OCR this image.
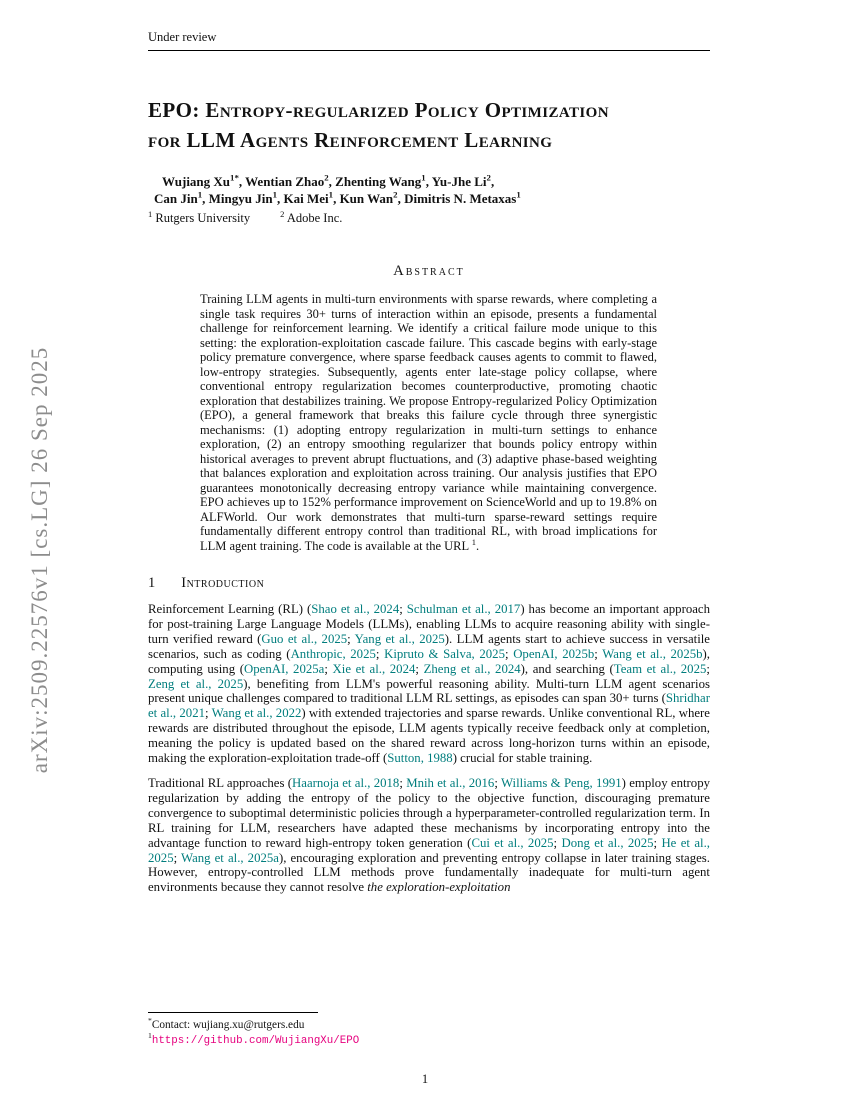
arXiv:2509.22576v1 [cs.LG] 26 Sep 2025
Under review
EPO: Entropy-regularized Policy Optimization
for LLM Agents Reinforcement Learning
Wujiang $Xu^{1*}$, Wentian Zhao$^2$, Zhenting Wang$^1$, Yu-Jhe Li$^2$,
Can Jin$^1$, Mingyu Jin$^1$, Kai Mei$^1$, Kun Wan$^2$, Dimitris N. Metaxas$^1$
$^1$ Rutgers University	$^2$ Adobe Inc.
Abstract

Training LLM agents in multi-turn environments with sparse rewards, where completing a single task requires 30+ turns of interaction within an episode, presents a fundamental challenge for reinforcement learning. We identify a critical failure mode unique to this setting: the exploration-exploitation cascade failure. This cascade begins with early-stage policy premature convergence, where sparse feedback causes agents to commit to flawed, low-entropy strategies. Subsequently, agents enter late-stage policy collapse, where conventional entropy regularization becomes counterproductive, promoting chaotic exploration that destabilizes training. We propose Entropy-regularized Policy Optimization (EPO), a general framework that breaks this failure cycle through three synergistic mechanisms: (1) adopting entropy regularization in multi-turn settings to enhance exploration, (2) an entropy smoothing regularizer that bounds policy entropy within historical averages to prevent abrupt fluctuations, and (3) adaptive phase-based weighting that balances exploration and exploitation across training. Our analysis justifies that EPO guarantees monotonically decreasing entropy variance while maintaining convergence. EPO achieves up to 152% performance improvement on ScienceWorld and up to 19.8% on ALFWorld. Our work demonstrates that multi-turn sparse-reward settings require fundamentally different entropy control than traditional RL, with broad implications for LLM agent training. The code is available at the URL $^1$.

1 Introduction

Reinforcement Learning (RL) (Shao et al., 2024; Schulman et al., 2017) has become an important approach for post-training Large Language Models (LLMs), enabling LLMs to acquire reasoning ability with single-turn verified reward (Guo et al., 2025; Yang et al., 2025). LLM agents start to achieve success in versatile scenarios, such as coding (Anthropic, 2025; Kipruto & Salva, 2025; OpenAI, 2025b; Wang et al., 2025b), computing using (OpenAI, 2025a; Xie et al., 2024; Zheng et al., 2024), and searching (Team et al., 2025; Zeng et al., 2025), benefiting from LLM's powerful reasoning ability. Multi-turn LLM agent scenarios present unique challenges compared to traditional LLM RL settings, as episodes can span 30+ turns (Shridhar et al., 2021; Wang et al., 2022) with extended trajectories and sparse rewards. Unlike conventional RL, where rewards are distributed throughout the episode, LLM agents typically receive feedback only at completion, meaning the policy is updated based on the shared reward across long-horizon turns within an episode, making the exploration-exploitation trade-off (Sutton, 1988) crucial for stable training.

Traditional RL approaches (Haarnoja et al., 2018; Mnih et al., 2016; Williams & Peng, 1991) employ entropy regularization by adding the entropy of the policy to the objective function, discouraging premature convergence to suboptimal deterministic policies through a hyperparameter-controlled regularization term. In RL training for LLM, researchers have adapted these mechanisms by incorporating entropy into the advantage function to reward high-entropy token generation (Cui et al., 2025; Dong et al., 2025; He et al., 2025; Wang et al., 2025a), encouraging exploration and preventing entropy collapse in later training stages. However, entropy-controlled LLM methods prove fundamentally inadequate for multi-turn agent environments because they cannot resolve the exploration-exploitation

*Contact: wujiang.xu@rutgers.edu
$^1$https://github.com/WujiangXu/EPO
1
